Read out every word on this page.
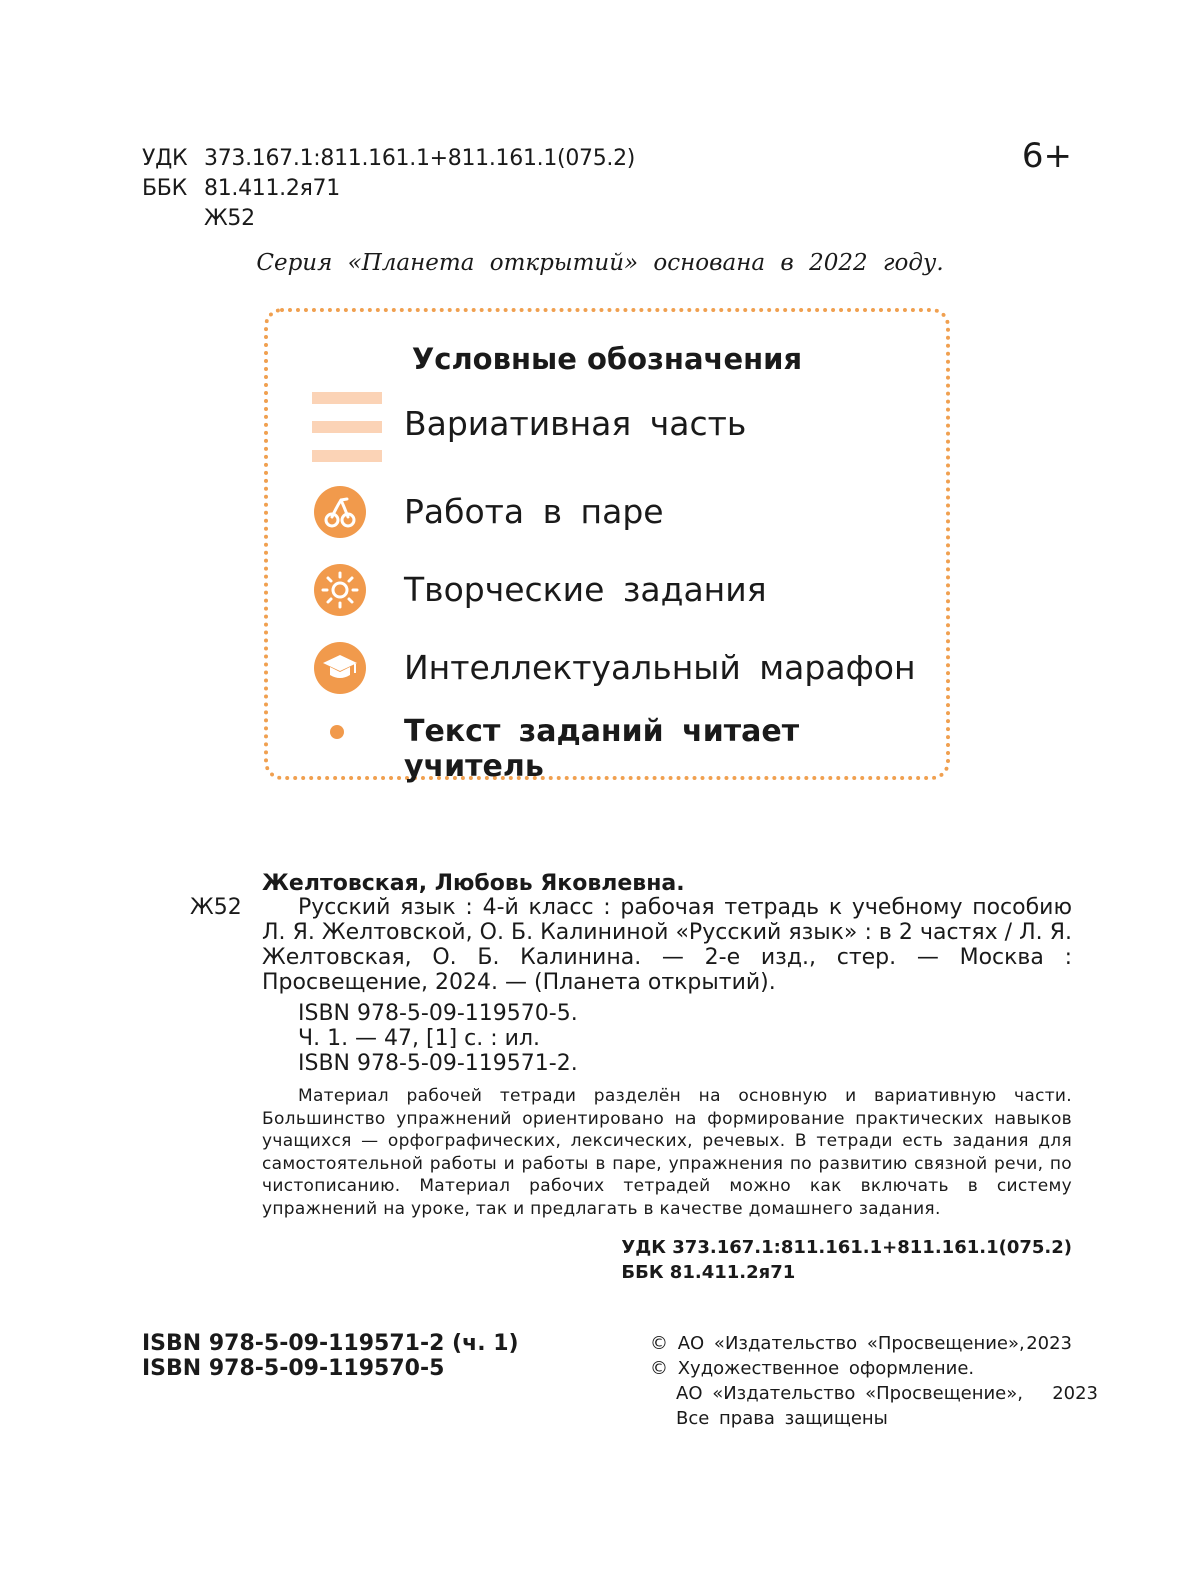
УДК 373.167.1:811.161.1+811.161.1(075.2)
ББК 81.411.2я71
Ж52
6+
Серия «Планета открытий» основана в 2022 году.
Условные обозначения
Вариативная часть
Работа в паре
Творческие задания
Интеллектуальный марафон
Текст заданий читает учитель
Желтовская, Любовь Яковлевна.
Ж52	Русский язык : 4-й класс : рабочая тетрадь к учебному пособию Л. Я. Желтовской, О. Б. Калининой «Русский язык» : в 2 частях / Л. Я. Желтовская, О. Б. Калинина. — 2-е изд., стер. — Москва : Просвещение, 2024. — (Планета открытий).
ISBN 978-5-09-119570-5.
Ч. 1. — 47, [1] с. : ил.
ISBN 978-5-09-119571-2.
Материал рабочей тетради разделён на основную и вариативную части. Большинство упражнений ориентировано на формирование практических навыков учащихся — орфографических, лексических, речевых. В тетради есть задания для самостоятельной работы и работы в паре, упражнения по развитию связной речи, по чистописанию. Материал рабочих тетрадей можно как включать в систему упражнений на уроке, так и предлагать в качестве домашнего задания.
УДК 373.167.1:811.161.1+811.161.1(075.2)
ББК 81.411.2я71
ISBN 978-5-09-119571-2 (ч. 1)
ISBN 978-5-09-119570-5
© АО «Издательство «Просвещение», 2023
© Художественное оформление.
АО «Издательство «Просвещение», 2023
Все права защищены
